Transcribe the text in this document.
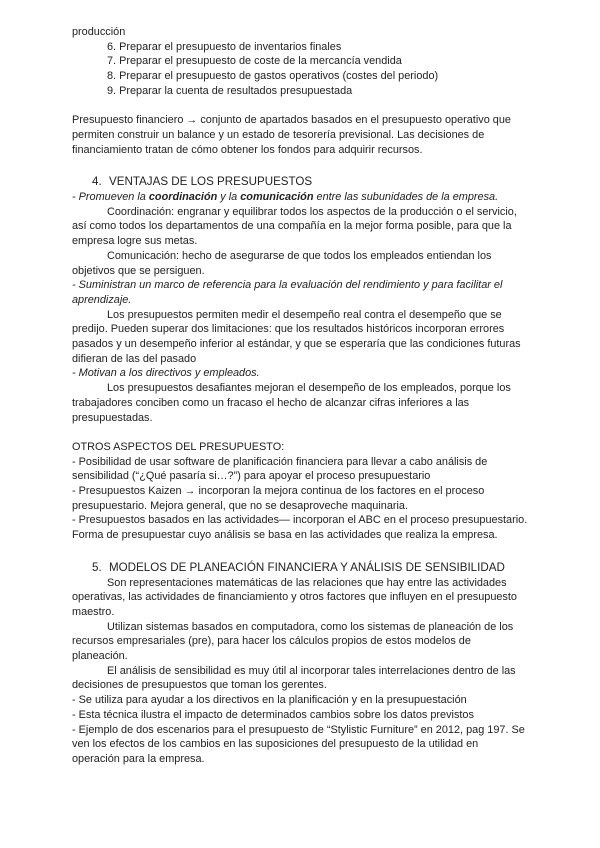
producción

6. Preparar el presupuesto de inventarios finales

7. Preparar el presupuesto de coste de la mercancía vendida

8. Preparar el presupuesto de gastos operativos (costes del periodo)

9. Preparar la cuenta de resultados presupuestada

Presupuesto financiero → conjunto de apartados basados en el presupuesto operativo que permiten construir un balance y un estado de tesorería previsional. Las decisiones de financiamiento tratan de cómo obtener los fondos para adquirir recursos.

4. VENTAJAS DE LOS PRESUPUESTOS

- Promueven la coordinación y la comunicación entre las subunidades de la empresa.

Coordinación: engranar y equilibrar todos los aspectos de la producción o el servicio, así como todos los departamentos de una compañía en la mejor forma posible, para que la empresa logre sus metas.

Comunicación: hecho de asegurarse de que todos los empleados entiendan los objetivos que se persiguen.

- Suministran un marco de referencia para la evaluación del rendimiento y para facilitar el aprendizaje.

Los presupuestos permiten medir el desempeño real contra el desempeño que se predijo. Pueden superar dos limitaciones: que los resultados históricos incorporan errores pasados y un desempeño inferior al estándar, y que se esperaría que las condiciones futuras difieran de las del pasado

- Motivan a los directivos y empleados.

Los presupuestos desafiantes mejoran el desempeño de los empleados, porque los trabajadores conciben como un fracaso el hecho de alcanzar cifras inferiores a las presupuestadas.

OTROS ASPECTOS DEL PRESUPUESTO:

- Posibilidad de usar software de planificación financiera para llevar a cabo análisis de sensibilidad (“¿Qué pasaría si…?”) para apoyar el proceso presupuestario

- Presupuestos Kaizen → incorporan la mejora continua de los factores en el proceso presupuestario. Mejora general, que no se desaproveche maquinaria.

- Presupuestos basados en las actividades— incorporan el ABC en el proceso presupuestario. Forma de presupuestar cuyo análisis se basa en las actividades que realiza la empresa.

5. MODELOS DE PLANEACIÓN FINANCIERA Y ANÁLISIS DE SENSIBILIDAD

Son representaciones matemáticas de las relaciones que hay entre las actividades operativas, las actividades de financiamiento y otros factores que influyen en el presupuesto maestro.

Utilizan sistemas basados en computadora, como los sistemas de planeación de los recursos empresariales (pre), para hacer los cálculos propios de estos modelos de planeación.

El análisis de sensibilidad es muy útil al incorporar tales interrelaciones dentro de las decisiones de presupuestos que toman los gerentes.

- Se utiliza para ayudar a los directivos en la planificación y en la presupuestación

- Esta técnica ilustra el impacto de determinados cambios sobre los datos previstos

- Ejemplo de dos escenarios para el presupuesto de “Stylistic Furniture” en 2012, pag 197. Se ven los efectos de los cambios en las suposiciones del presupuesto de la utilidad en operación para la empresa.
